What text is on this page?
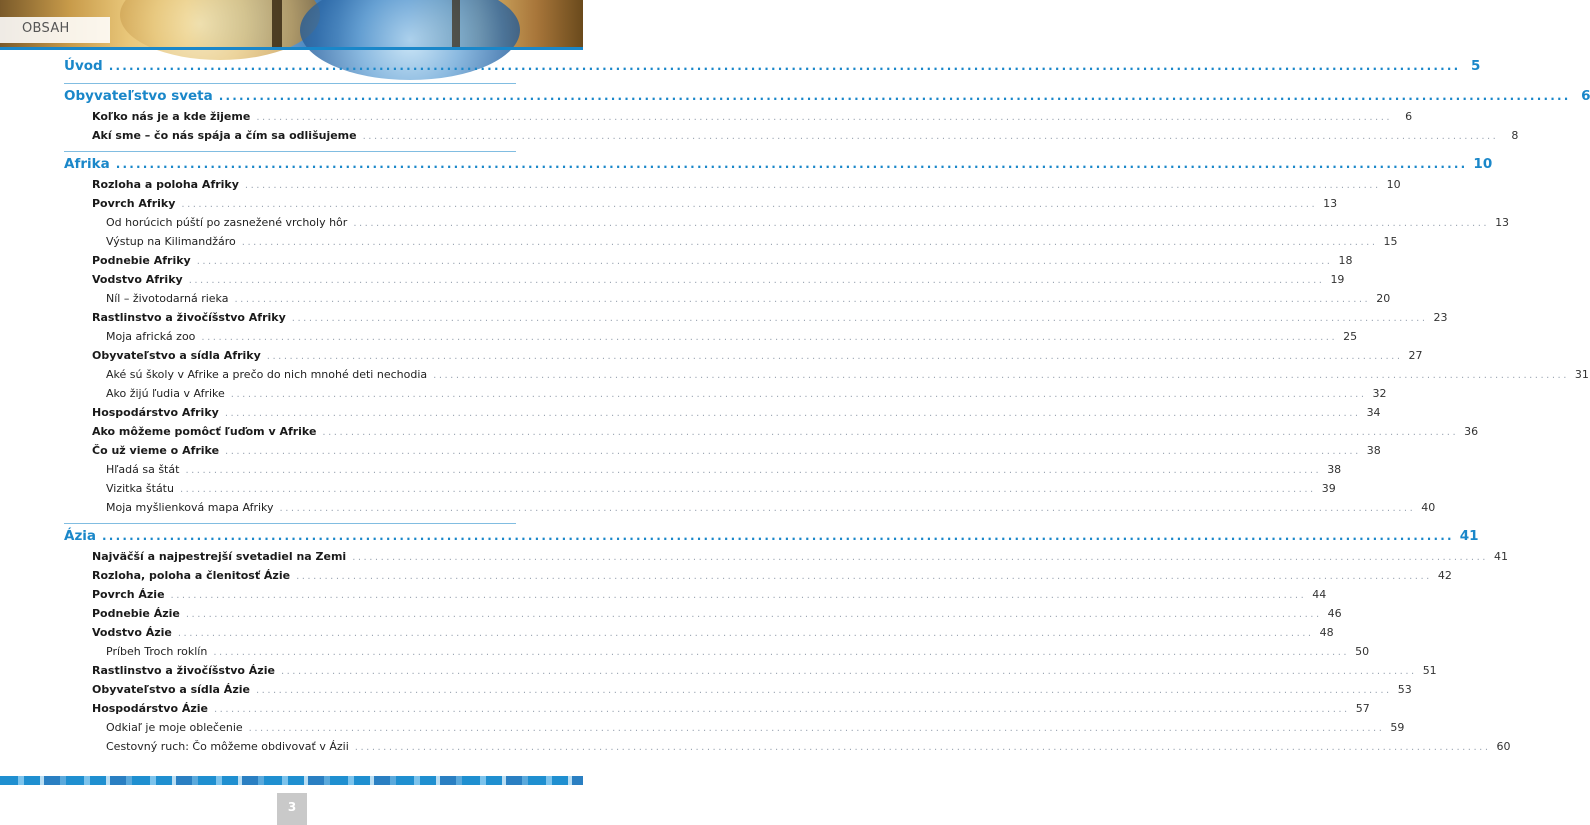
OBSAH
Úvod ........................................................................................................................................................................................................ 5
Obyvateľstvo sveta ........................................................................................................................................................................................................ 6
Koľko nás je a kde žijeme ........................................................................................................................................................................................................	6
Akí sme – čo nás spája a čím sa odlišujeme ........................................................................................................................................................................................................	8
Afrika ........................................................................................................................................................................................................ 10
Rozloha a poloha Afriky ........................................................................................................................................................................................................ 10
Povrch Afriky ........................................................................................................................................................................................................ 13
Od horúcich púští po zasnežené vrcholy hôr ........................................................................................................................................................................................................ 13
Výstup na Kilimandžáro ........................................................................................................................................................................................................ 15
Podnebie Afriky ........................................................................................................................................................................................................ 18
Vodstvo Afriky ........................................................................................................................................................................................................ 19
Níl – životodarná rieka ........................................................................................................................................................................................................ 20
Rastlinstvo a živočíšstvo Afriky ........................................................................................................................................................................................................ 23
Moja africká zoo ........................................................................................................................................................................................................ 25
Obyvateľstvo a sídla Afriky ........................................................................................................................................................................................................ 27
Aké sú školy v Afrike a prečo do nich mnohé deti nechodia ........................................................................................................................................................................................................ 31
Ako žijú ľudia v Afrike ........................................................................................................................................................................................................ 32
Hospodárstvo Afriky ........................................................................................................................................................................................................ 34
Ako môžeme pomôcť ľuďom v Afrike ........................................................................................................................................................................................................ 36
Čo už vieme o Afrike ........................................................................................................................................................................................................ 38
Hľadá sa štát ........................................................................................................................................................................................................ 38
Vizitka štátu ........................................................................................................................................................................................................ 39
Moja myšlienková mapa Afriky ........................................................................................................................................................................................................ 40
Ázia ........................................................................................................................................................................................................ 41
Najväčší a najpestrejší svetadiel na Zemi ........................................................................................................................................................................................................ 41
Rozloha, poloha a členitosť Ázie ........................................................................................................................................................................................................ 42
Povrch Ázie ........................................................................................................................................................................................................ 44
Podnebie Ázie ........................................................................................................................................................................................................ 46
Vodstvo Ázie ........................................................................................................................................................................................................ 48
Príbeh Troch roklín ........................................................................................................................................................................................................ 50
Rastlinstvo a živočíšstvo Ázie ........................................................................................................................................................................................................ 51
Obyvateľstvo a sídla Ázie ........................................................................................................................................................................................................ 53
Hospodárstvo Ázie ........................................................................................................................................................................................................ 57
Odkiaľ je moje oblečenie ........................................................................................................................................................................................................ 59
Cestovný ruch: Čo môžeme obdivovať v Ázii ........................................................................................................................................................................................................ 60
3
